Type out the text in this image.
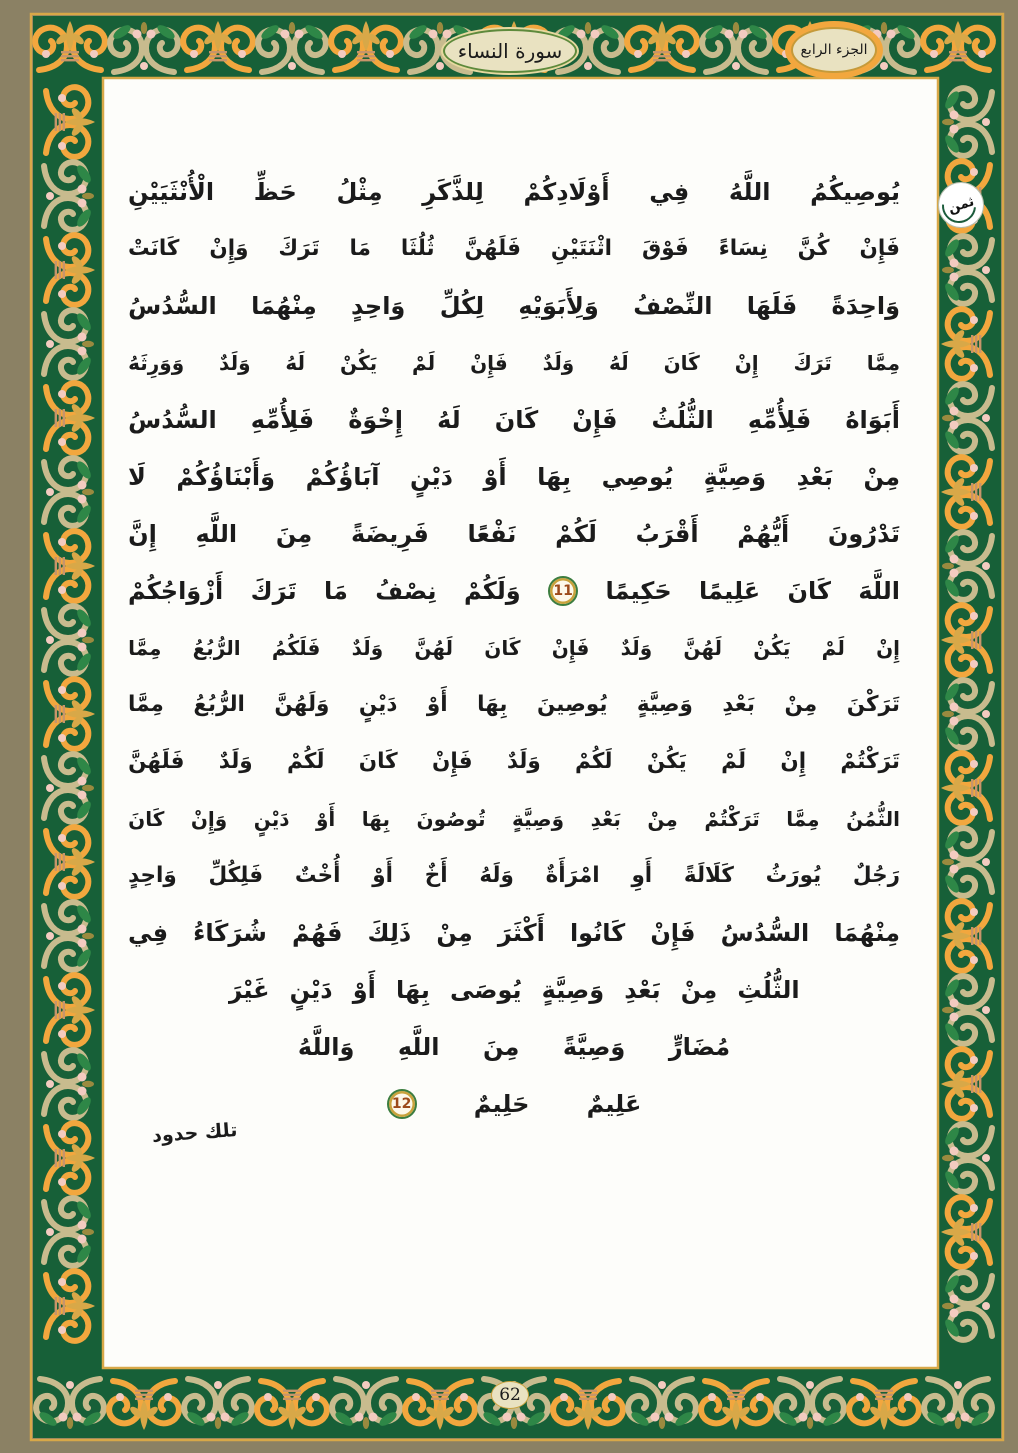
سورة النساء	الجزء الرابع
ثمن
يُوصِيكُمُ
اللَّهُ
فِي
أَوْلَادِكُمْ
لِلذَّكَرِ
مِثْلُ
حَظِّ
الْأُنْثَيَيْنِ
فَإِنْ
كُنَّ
نِسَاءً
فَوْقَ
اثْنَتَيْنِ
فَلَهُنَّ
ثُلُثَا
مَا
تَرَكَ
وَإِنْ
كَانَتْ
وَاحِدَةً
فَلَهَا
النِّصْفُ
وَلِأَبَوَيْهِ
لِكُلِّ
وَاحِدٍ
مِنْهُمَا
السُّدُسُ
مِمَّا
تَرَكَ
إِنْ
كَانَ
لَهُ
وَلَدٌ
فَإِنْ
لَمْ
يَكُنْ
لَهُ
وَلَدٌ
وَوَرِثَهُ
أَبَوَاهُ
فَلِأُمِّهِ
الثُّلُثُ
فَإِنْ
كَانَ
لَهُ
إِخْوَةٌ
فَلِأُمِّهِ
السُّدُسُ
مِنْ
بَعْدِ
وَصِيَّةٍ
يُوصِي
بِهَا
أَوْ
دَيْنٍ
آبَاؤُكُمْ
وَأَبْنَاؤُكُمْ
لَا
تَدْرُونَ
أَيُّهُمْ
أَقْرَبُ
لَكُمْ
نَفْعًا
فَرِيضَةً
مِنَ
اللَّهِ
إِنَّ
اللَّهَ
كَانَ
عَلِيمًا
حَكِيمًا
11
وَلَكُمْ
نِصْفُ
مَا
تَرَكَ
أَزْوَاجُكُمْ
إِنْ
لَمْ
يَكُنْ
لَهُنَّ
وَلَدٌ
فَإِنْ
كَانَ
لَهُنَّ
وَلَدٌ
فَلَكُمُ
الرُّبُعُ
مِمَّا
تَرَكْنَ
مِنْ
بَعْدِ
وَصِيَّةٍ
يُوصِينَ
بِهَا
أَوْ
دَيْنٍ
وَلَهُنَّ
الرُّبُعُ
مِمَّا
تَرَكْتُمْ
إِنْ
لَمْ
يَكُنْ
لَكُمْ
وَلَدٌ
فَإِنْ
كَانَ
لَكُمْ
وَلَدٌ
فَلَهُنَّ
الثُّمُنُ
مِمَّا
تَرَكْتُمْ
مِنْ
بَعْدِ
وَصِيَّةٍ
تُوصُونَ
بِهَا
أَوْ
دَيْنٍ
وَإِنْ
كَانَ
رَجُلٌ
يُورَثُ
كَلَالَةً
أَوِ
امْرَأَةٌ
وَلَهُ
أَخٌ
أَوْ
أُخْتٌ
فَلِكُلِّ
وَاحِدٍ
مِنْهُمَا
السُّدُسُ
فَإِنْ
كَانُوا
أَكْثَرَ
مِنْ
ذَلِكَ
فَهُمْ
شُرَكَاءُ
فِي
الثُّلُثِ
مِنْ
بَعْدِ
وَصِيَّةٍ
يُوصَى
بِهَا
أَوْ
دَيْنٍ
غَيْرَ
مُضَارٍّ
وَصِيَّةً
مِنَ
اللَّهِ
وَاللَّهُ
عَلِيمٌ
حَلِيمٌ
12
تلك حدود
62
